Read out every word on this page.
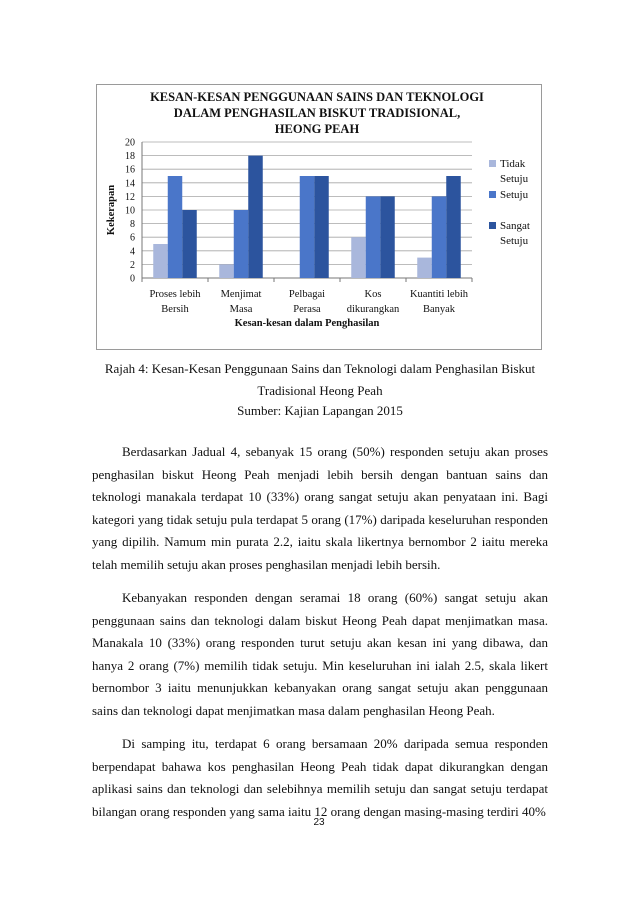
KESAN-KESAN PENGGUNAAN SAINS DAN TEKNOLOGI
DALAM PENGHASILAN BISKUT TRADISIONAL,
HEONG PEAH
0
2
4
6
8
10
12
14
16
18
20
Proses lebih
Bersih
Menjimat
Masa
Pelbagai
Perasa
Kos
dikurangkan
Kuantiti lebih
Banyak
Kesan-kesan dalam Penghasilan
Kekerapan
Tidak
Setuju
Setuju
Sangat
Setuju
Rajah 4: Kesan-Kesan Penggunaan Sains dan Teknologi dalam Penghasilan Biskut
Tradisional Heong Peah
Sumber: Kajian Lapangan 2015

Berdasarkan Jadual 4, sebanyak 15 orang (50%) responden setuju akan proses penghasilan biskut Heong Peah menjadi lebih bersih dengan bantuan sains dan teknologi manakala terdapat 10 (33%) orang sangat setuju akan penyataan ini. Bagi kategori yang tidak setuju pula terdapat 5 orang (17%) daripada keseluruhan responden yang dipilih. Namum min purata 2.2, iaitu skala likertnya bernombor 2 iaitu mereka telah memilih setuju akan proses penghasilan menjadi lebih bersih.

Kebanyakan responden dengan seramai 18 orang (60%) sangat setuju akan penggunaan sains dan teknologi dalam biskut Heong Peah dapat menjimatkan masa. Manakala 10 (33%) orang responden turut setuju akan kesan ini yang dibawa, dan hanya 2 orang (7%) memilih tidak setuju. Min keseluruhan ini ialah 2.5, skala likert bernombor 3 iaitu menunjukkan kebanyakan orang sangat setuju akan penggunaan sains dan teknologi dapat menjimatkan masa dalam penghasilan Heong Peah.

Di samping itu, terdapat 6 orang bersamaan 20% daripada semua responden berpendapat bahawa kos penghasilan Heong Peah tidak dapat dikurangkan dengan aplikasi sains dan teknologi dan selebihnya memilih setuju dan sangat setuju terdapat bilangan orang responden yang sama iaitu 12 orang dengan masing-masing terdiri 40%

23
